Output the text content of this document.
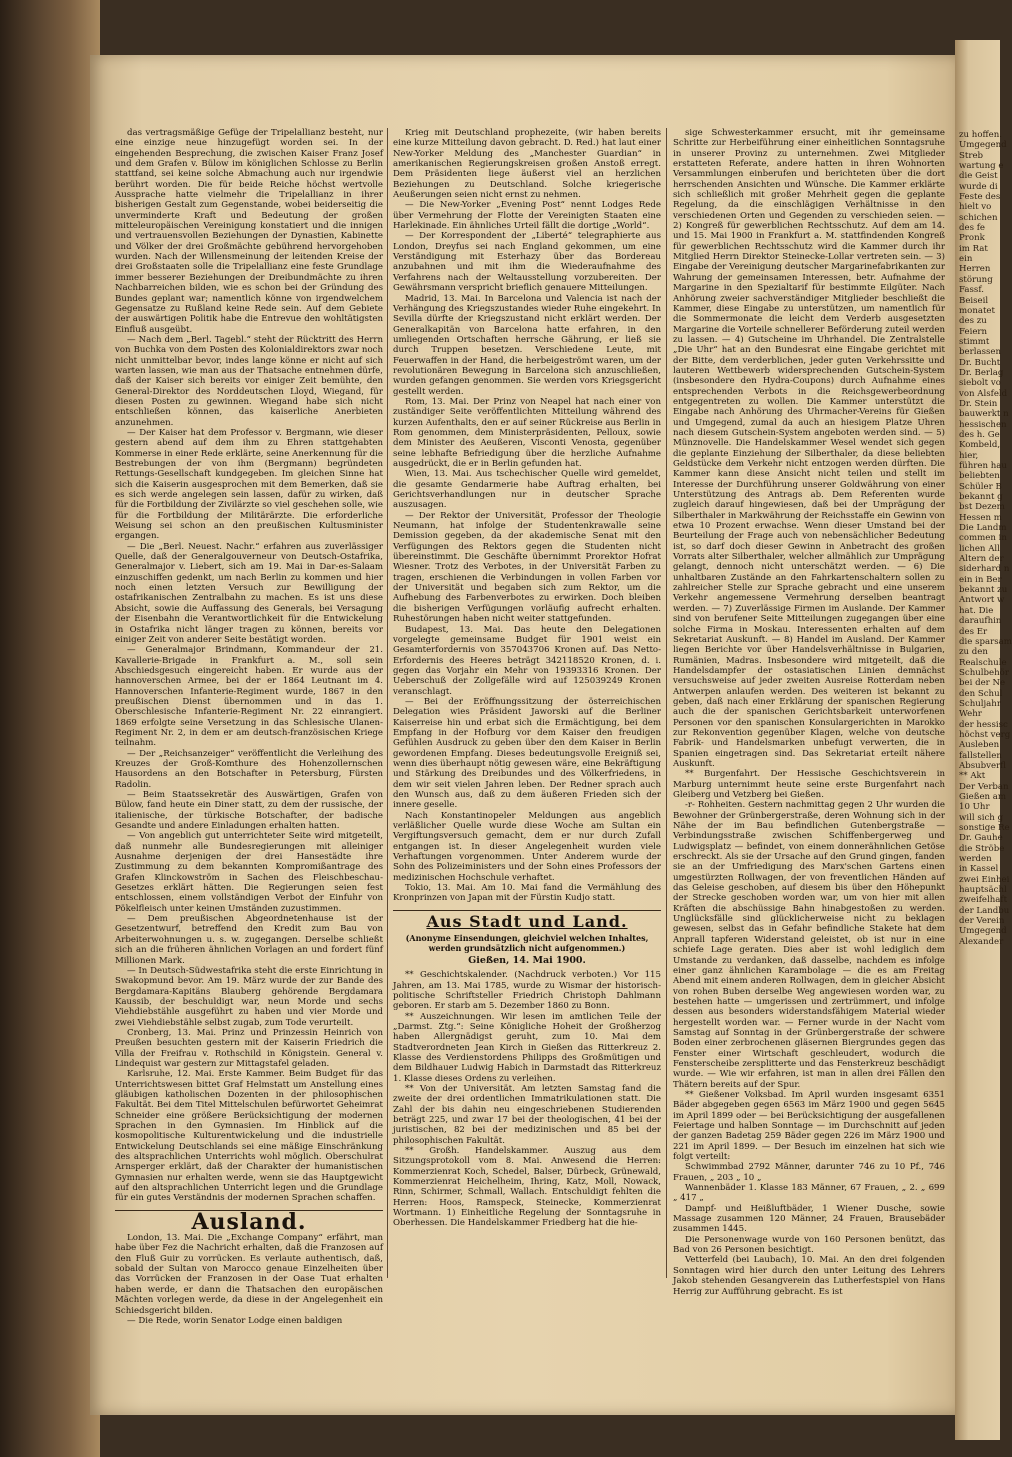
das vertragsmäßige Gefüge der Tripelallianz besteht, nur eine einzige neue hinzugefügt worden sei. In der eingehenden Besprechung, die zwischen Kaiser Franz Josef und dem Grafen v. Bülow im königlichen Schlosse zu Berlin stattfand, sei keine solche Abmachung auch nur irgendwie berührt worden. Die für beide Reiche höchst wertvolle Aussprache hatte vielmehr die Tripelallianz in ihrer bisherigen Gestalt zum Gegenstande, wobei beiderseitig die unverminderte Kraft und Bedeutung der großen mitteleuropäischen Vereinigung konstatiert und die innigen und vertrauensvollen Beziehungen der Dynastien, Kabinette und Völker der drei Großmächte gebührend hervorgehoben wurden. Nach der Willensmeinung der leitenden Kreise der drei Großstaaten solle die Tripelallianz eine feste Grundlage immer besserer Beziehungen der Dreibundmächte zu ihren Nachbarreichen bilden, wie es schon bei der Gründung des Bundes geplant war; namentlich könne von irgendwelchem Gegensatze zu Rußland keine Rede sein. Auf dem Gebiete der auswärtigen Politik habe die Entrevue den wohltätigsten Einfluß ausgeübt.

— Nach dem „Berl. Tagebl.“ steht der Rücktritt des Herrn von Buchka von dem Posten des Kolonialdirektors zwar noch nicht unmittelbar bevor, indes lange könne er nicht auf sich warten lassen, wie man aus der Thatsache entnehmen dürfe, daß der Kaiser sich bereits vor einiger Zeit bemühte, den General-Direktor des Norddeutschen Lloyd, Wiegand, für diesen Posten zu gewinnen. Wiegand habe sich nicht entschließen können, das kaiserliche Anerbieten anzunehmen.

— Der Kaiser hat dem Professor v. Bergmann, wie dieser gestern abend auf dem ihm zu Ehren stattgehabten Kommerse in einer Rede erklärte, seine Anerkennung für die Bestrebungen der von ihm (Bergmann) begründeten Rettungs-Gesellschaft kundgegeben. Im gleichen Sinne hat sich die Kaiserin ausgesprochen mit dem Bemerken, daß sie es sich werde angelegen sein lassen, dafür zu wirken, daß für die Fortbildung der Zivilärzte so viel geschehen solle, wie für die Fortbildung der Militärärzte. Die erforderliche Weisung sei schon an den preußischen Kultusminister ergangen.

— Die „Berl. Neuest. Nachr.“ erfahren aus zuverlässiger Quelle, daß der Generalgouverneur von Deutsch-Ostafrika, Generalmajor v. Liebert, sich am 19. Mai in Dar-es-Salaam einzuschiffen gedenkt, um nach Berlin zu kommen und hier noch einen letzten Versuch zur Bewilligung der ostafrikanischen Zentralbahn zu machen. Es ist uns diese Absicht, sowie die Auffassung des Generals, bei Versagung der Eisenbahn die Verantwortlichkeit für die Entwickelung in Ostafrika nicht länger tragen zu können, bereits vor einiger Zeit von anderer Seite bestätigt worden.

— Generalmajor Brindmann, Kommandeur der 21. Kavallerie-Brigade in Frankfurt a. M., soll sein Abschiedsgesuch eingereicht haben. Er wurde aus der hannoverschen Armee, bei der er 1864 Leutnant im 4. Hannoverschen Infanterie-Regiment wurde, 1867 in den preußischen Dienst übernommen und in das 1. Oberschlesische Infanterie-Regiment Nr. 22 einrangiert. 1869 erfolgte seine Versetzung in das Schlesische Ulanen-Regiment Nr. 2, in dem er am deutsch-französischen Kriege teilnahm.

— Der „Reichsanzeiger“ veröffentlicht die Verleihung des Kreuzes der Groß-Komthure des Hohenzollernschen Hausordens an den Botschafter in Petersburg, Fürsten Radolin.

— Beim Staatssekretär des Auswärtigen, Grafen von Bülow, fand heute ein Diner statt, zu dem der russische, der italienische, der türkische Botschafter, der badische Gesandte und andere Einladungen erhalten hatten.

— Von angeblich gut unterrichteter Seite wird mitgeteilt, daß nunmehr alle Bundesregierungen mit alleiniger Ausnahme derjenigen der drei Hansestädte ihre Zustimmung zu dem bekannten Kompromißantrage des Grafen Klinckowström in Sachen des Fleischbeschau-Gesetzes erklärt hätten. Die Regierungen seien fest entschlossen, einem vollständigen Verbot der Einfuhr von Pökelfleisch unter keinen Umständen zuzustimmen.

— Dem preußischen Abgeordnetenhause ist der Gesetzentwurf, betreffend den Kredit zum Bau von Arbeiterwohnungen u. s. w. zugegangen. Derselbe schließt sich an die früheren ähnlichen Vorlagen an und fordert fünf Millionen Mark.

— In Deutsch-Südwestafrika steht die erste Einrichtung in Swakopmund bevor. Am 19. März wurde der zur Bande des Bergdamara-Kapitäns Blauberg gehörende Bergdamara Kaussib, der beschuldigt war, neun Morde und sechs Viehdiebstähle ausgeführt zu haben und vier Morde und zwei Viehdiebstähle selbst zugab, zum Tode verurteilt.

Cronberg, 13. Mai. Prinz und Prinzessin Heinrich von Preußen besuchten gestern mit der Kaiserin Friedrich die Villa der Freifrau v. Rothschild in Königstein. General v. Lindequist war gestern zur Mittagstafel geladen.

Karlsruhe, 12. Mai. Erste Kammer. Beim Budget für das Unterrichtswesen bittet Graf Helmstatt um Anstellung eines gläubigen katholischen Dozenten in der philosophischen Fakultät. Bei dem Titel Mittelschulen befürwortet Geheimrat Schneider eine größere Berücksichtigung der modernen Sprachen in den Gymnasien. Im Hinblick auf die kosmopolitische Kulturentwickelung und die industrielle Entwickelung Deutschlands sei eine mäßige Einschränkung des altsprachlichen Unterrichts wohl möglich. Oberschulrat Arnsperger erklärt, daß der Charakter der humanistischen Gymnasien nur erhalten werde, wenn sie das Hauptgewicht auf den altsprachlichen Unterricht legen und die Grundlage für ein gutes Verständnis der modernen Sprachen schaffen.

Ausland.

London, 13. Mai. Die „Exchange Company“ erfährt, man habe über Fez die Nachricht erhalten, daß die Franzosen auf den Fluß Guir zu vorrücken. Es verlaute authentisch, daß, sobald der Sultan von Marocco genaue Einzelheiten über das Vorrücken der Franzosen in der Oase Tuat erhalten haben werde, er dann die Thatsachen den europäischen Mächten vorlegen werde, da diese in der Angelegenheit ein Schiedsgericht bilden.

— Die Rede, worin Senator Lodge einen baldigen

Krieg mit Deutschland prophezeite, (wir haben bereits eine kurze Mitteilung davon gebracht. D. Red.) hat laut einer New-Yorker Meldung des „Manchester Guardian“ in amerikanischen Regierungskreisen großen Anstoß erregt. Dem Präsidenten liege äußerst viel an herzlichen Beziehungen zu Deutschland. Solche kriegerische Aeußerungen seien nicht ernst zu nehmen.

— Die New-Yorker „Evening Post“ nennt Lodges Rede über Vermehrung der Flotte der Vereinigten Staaten eine Harlekinade. Ein ähnliches Urteil fällt die dortige „World“.

— Der Korrespondent der „Liberté“ telegraphierte aus London, Dreyfus sei nach England gekommen, um eine Verständigung mit Esterhazy über das Bordereau anzubahnen und mit ihm die Wiederaufnahme des Verfahrens nach der Weltausstellung vorzubereiten. Der Gewährsmann verspricht brieflich genauere Mitteilungen.

Madrid, 13. Mai. In Barcelona und Valencia ist nach der Verhängung des Kriegszustandes wieder Ruhe eingekehrt. In Sevilla dürfte der Kriegszustand nicht erklärt werden. Der Generalkapitän von Barcelona hatte erfahren, in den umliegenden Ortschaften herrsche Gährung, er ließ sie durch Truppen besetzen. Verschiedene Leute, mit Feuerwaffen in der Hand, die herbeigeströmt waren, um der revolutionären Bewegung in Barcelona sich anzuschließen, wurden gefangen genommen. Sie werden vors Kriegsgericht gestellt werden.

Rom, 13. Mai. Der Prinz von Neapel hat nach einer von zuständiger Seite veröffentlichten Mitteilung während des kurzen Aufenthalts, den er auf seiner Rückreise aus Berlin in Rom genommen, dem Ministerpräsidenten, Pelloux, sowie dem Minister des Aeußeren, Visconti Venosta, gegenüber seine lebhafte Befriedigung über die herzliche Aufnahme ausgedrückt, die er in Berlin gefunden hat.

Wien, 13. Mai. Aus tschechischer Quelle wird gemeldet, die gesamte Gendarmerie habe Auftrag erhalten, bei Gerichtsverhandlungen nur in deutscher Sprache auszusagen.

— Der Rektor der Universität, Professor der Theologie Neumann, hat infolge der Studentenkrawalle seine Demission gegeben, da der akademische Senat mit den Verfügungen des Rektors gegen die Studenten nicht übereinstimmt. Die Geschäfte übernimmt Prorektor Hofrat Wiesner. Trotz des Verbotes, in der Universität Farben zu tragen, erschienen die Verbindungen in vollen Farben vor der Universität und begaben sich zum Rektor, um die Aufhebung des Farbenverbotes zu erwirken. Doch bleiben die bisherigen Verfügungen vorläufig aufrecht erhalten. Ruhestörungen haben nicht weiter stattgefunden.

Budapest, 13. Mai. Das heute den Delegationen vorgelegte gemeinsame Budget für 1901 weist ein Gesamterfordernis von 357043706 Kronen auf. Das Netto-Erfordernis des Heeres beträgt 342118520 Kronen, d. i. gegen das Vorjahr ein Mehr von 19393316 Kronen. Der Ueberschuß der Zollgefälle wird auf 125039249 Kronen veranschlagt.

— Bei der Eröffnungssitzung der österreichischen Delegation wies Präsident Jaworski auf die Berliner Kaiserreise hin und erbat sich die Ermächtigung, bei dem Empfang in der Hofburg vor dem Kaiser den freudigen Gefühlen Ausdruck zu geben über den dem Kaiser in Berlin gewordenen Empfang. Dieses bedeutungsvolle Ereigniß sei, wenn dies überhaupt nötig gewesen wäre, eine Bekräftigung und Stärkung des Dreibundes und des Völkerfriedens, in dem wir seit vielen Jahren leben. Der Redner sprach auch den Wunsch aus, daß zu dem äußeren Frieden sich der innere geselle.

Nach Konstantinopeler Meldungen aus angeblich verläßlicher Quelle wurde diese Woche am Sultan ein Vergiftungsversuch gemacht, dem er nur durch Zufall entgangen ist. In dieser Angelegenheit wurden viele Verhaftungen vorgenommen. Unter Anderem wurde der Sohn des Polizeiministers und der Sohn eines Professors der medizinischen Hochschule verhaftet.

Tokio, 13. Mai. Am 10. Mai fand die Vermählung des Kronprinzen von Japan mit der Fürstin Kudjo statt.

Aus Stadt und Land.
(Anonyme Einsendungen, gleichviel welchen Inhaltes, werden grundsätzlich nicht aufgenommen.)
Gießen, 14. Mai 1900.

** Geschichtskalender. (Nachdruck verboten.) Vor 115 Jahren, am 13. Mai 1785, wurde zu Wismar der historisch-politische Schriftsteller Friedrich Christoph Dahlmann geboren. Er starb am 5. Dezember 1860 zu Bonn.

** Auszeichnungen. Wir lesen im amtlichen Teile der „Darmst. Ztg.“: Seine Königliche Hoheit der Großherzog haben Allergnädigst geruht, zum 10. Mai dem Stadtverordneten Jean Kirch in Gießen das Ritterkreuz 2. Klasse des Verdienstordens Philipps des Großmütigen und dem Bildhauer Ludwig Habich in Darmstadt das Ritterkreuz 1. Klasse dieses Ordens zu verleihen.

** Von der Universität. Am letzten Samstag fand die zweite der drei ordentlichen Immatrikulationen statt. Die Zahl der bis dahin neu eingeschriebenen Studierenden beträgt 225, und zwar 17 bei der theologischen, 41 bei der juristischen, 82 bei der medizinischen und 85 bei der philosophischen Fakultät.

** Großh. Handelskammer. Auszug aus dem Sitzungsprotokoll vom 8. Mai. Anwesend die Herren: Kommerzienrat Koch, Schedel, Balser, Dürbeck, Grünewald, Kommerzienrat Heichelheim, Ihring, Katz, Moll, Nowack, Rinn, Schirmer, Schmall, Wallach. Entschuldigt fehlten die Herren: Hoos, Ramspeck, Steinecke, Kommerzienrat Wortmann. 1) Einheitliche Regelung der Sonntagsruhe in Oberhessen. Die Handelskammer Friedberg hat die hie-

sige Schwesterkammer ersucht, mit ihr gemeinsame Schritte zur Herbeiführung einer einheitlichen Sonntagsruhe in unserer Provinz zu unternehmen. Zwei Mitglieder erstatteten Referate, andere hatten in ihren Wohnorten Versammlungen einberufen und berichteten über die dort herrschenden Ansichten und Wünsche. Die Kammer erklärte sich schließlich mit großer Mehrheit gegen die geplante Regelung, da die einschlägigen Verhältnisse in den verschiedenen Orten und Gegenden zu verschieden seien. — 2) Kongreß für gewerblichen Rechtsschutz. Auf dem am 14. und 15. Mai 1900 in Frankfurt a. M. stattfindenden Kongreß für gewerblichen Rechtsschutz wird die Kammer durch ihr Mitglied Herrn Direktor Steinecke-Lollar vertreten sein. — 3) Eingabe der Vereinigung deutscher Margarinefabrikanten zur Wahrung der gemeinsamen Interessen, betr. Aufnahme der Margarine in den Spezialtarif für bestimmte Eilgüter. Nach Anhörung zweier sachverständiger Mitglieder beschließt die Kammer, diese Eingabe zu unterstützen, um namentlich für die Sommermonate die leicht dem Verderb ausgesetzten Margarine die Vorteile schnellerer Beförderung zuteil werden zu lassen. — 4) Gutscheine im Uhrhandel. Die Zentralstelle „Die Uhr“ hat an den Bundesrat eine Eingabe gerichtet mit der Bitte, dem verderblichen, jeder guten Verkehrssitte und lauteren Wettbewerb widersprechenden Gutschein-System (insbesondere den Hydra-Coupons) durch Aufnahme eines entsprechenden Verbots in die Reichsgewerbeordnung entgegentreten zu wollen. Die Kammer unterstützt die Eingabe nach Anhörung des Uhrmacher-Vereins für Gießen und Umgegend, zumal da auch an hiesigem Platze Uhren nach diesem Gutschein-System angeboten werden sind. — 5) Münznovelle. Die Handelskammer Wesel wendet sich gegen die geplante Einziehung der Silberthaler, da diese beliebten Geldstücke dem Verkehr nicht entzogen werden dürften. Die Kammer kann diese Ansicht nicht teilen und stellt im Interesse der Durchführung unserer Goldwährung von einer Unterstützung des Antrags ab. Dem Referenten wurde zugleich darauf hingewiesen, daß bei der Umprägung der Silberthaler in Markwährung der Reichsstaffe ein Gewinn von etwa 10 Prozent erwachse. Wenn dieser Umstand bei der Beurteilung der Frage auch von nebensächlicher Bedeutung ist, so darf doch dieser Gewinn in Anbetracht des großen Vorrats alter Silberthaler, welcher allmählich zur Umprägung gelangt, dennoch nicht unterschätzt werden. — 6) Die unhaltbaren Zustände an den Fahrkartenschaltern sollen zu zahlreicher Stelle zur Sprache gebracht und eine unserem Verkehr angemessene Vermehrung derselben beantragt werden. — 7) Zuverlässige Firmen im Auslande. Der Kammer sind von berufener Seite Mitteilungen zugegangen über eine solche Firma in Moskau. Interessenten erhalten auf dem Sekretariat Auskunft. — 8) Handel im Ausland. Der Kammer liegen Berichte vor über Handelsverhältnisse in Bulgarien, Rumänien, Madras. Insbesondere wird mitgeteilt, daß die Handelsdampfer der ostasiatischen Linien demnächst versuchsweise auf jeder zweiten Ausreise Rotterdam neben Antwerpen anlaufen werden. Des weiteren ist bekannt zu geben, daß nach einer Erklärung der spanischen Regierung auch die der spanischen Gerichtsbarkeit unterworfenen Personen vor den spanischen Konsulargerichten in Marokko zur Rekonvention gegenüber Klagen, welche von deutsche Fabrik- und Handelsmarken unbefugt verwerten, die in Spanien eingetragen sind. Das Sekretariat erteilt nähere Auskunft.

** Burgenfahrt. Der Hessische Geschichtsverein in Marburg unternimmt heute seine erste Burgenfahrt nach Gleiberg und Vetzberg bei Gießen.

-r- Rohheiten. Gestern nachmittag gegen 2 Uhr wurden die Bewohner der Grünbergerstraße, deren Wohnung sich in der Nähe der im Bau befindlichen Gutenbergstraße — Verbindungsstraße zwischen Schiffenbergerweg und Ludwigsplatz — befindet, von einem donnerähnlichen Getöse erschreckt. Als sie der Ursache auf den Grund gingen, fanden sie an der Umfriedigung des Marx'schen Gartens einen umgestürzten Rollwagen, der von freventlichen Händen auf das Geleise geschoben, auf diesem bis über den Höhepunkt der Strecke geschoben worden war, um von hier mit allen Kräften die abschüssige Bahn hinabgestoßen zu werden. Unglücksfälle sind glücklicherweise nicht zu beklagen gewesen, selbst das in Gefahr befindliche Stakete hat dem Anprall tapferen Widerstand geleistet, ob ist nur in eine schiefe Lage geraten. Dies aber ist wohl lediglich dem Umstande zu verdanken, daß dasselbe, nachdem es infolge einer ganz ähnlichen Karambolage — die es am Freitag Abend mit einem anderen Rollwagen, dem in gleicher Absicht von rohen Buben derselbe Weg angewiesen worden war, zu bestehen hatte — umgerissen und zertrümmert, und infolge dessen aus besonders widerstandsfähigem Material wieder hergestellt worden war. — Ferner wurde in der Nacht vom Samstag auf Sonntag in der Grünbergerstraße der schwere Boden einer zerbrochenen gläsernen Biergrundes gegen das Fenster einer Wirtschaft geschleudert, wodurch die Fensterscheibe zersplitterte und das Fensterkreuz beschädigt wurde. — Wie wir erfahren, ist man in allen drei Fällen den Thätern bereits auf der Spur.

** Gießener Volksbad. Im April wurden insgesamt 6351 Bäder abgegeben gegen 6563 im März 1900 und gegen 5645 im April 1899 oder — bei Berücksichtigung der ausgefallenen Feiertage und halben Sonntage — im Durchschnitt auf jeden der ganzen Badetag 259 Bäder gegen 226 im März 1900 und 221 im April 1899. — Der Besuch im einzelnen hat sich wie folgt verteilt:

Schwimmbad 2792 Männer, darunter 746 zu 10 Pf., 746 Frauen, „ 203 „ 10 „

Wannenbäder 1. Klasse 183 Männer, 67 Frauen, „ 2. „ 699 „ 417 „

Dampf- und Heißluftbäder, 1 Wiener Dusche, sowie Massage zusammen 120 Männer, 24 Frauen, Brausebäder zusammen 1445.

Die Personenwage wurde von 160 Personen benützt, das Bad von 26 Personen besichtigt.

Vetterfeld (bei Laubach), 10. Mai. An den drei folgenden Sonntagen wird hier durch den unter Leitung des Lehrers Jakob stehenden Gesangverein das Lutherfestspiel von Hans Herrig zur Aufführung gebracht. Es ist

zu hoffen.
Umgegend
Streb
wartung e
die Geist
wurde di
Feste des
hielt vo
schichen
des fe
Pronk
im Rat
ein
Herren
störung
Fassf.
Beiseil
monatet
des zu
Feiern
stimmt
berlassen
Dr. Bucht
Dr. Berlag
siebolt vo
von Alsfeld
Dr. Stein
bauwerkt n
hessischen
des h. Ge
Kombeld,
hier,
führen hau
beliebten
Schüler B
bekannt g
bst Dezem
Hessen m
Die Landm
commen in
lichen All
Altern der
siderhard n
ein in Ber
bekannt zu
Antwort w
hat. Die
daraufhin
des Er
die sparsam
zu den
Realschule
Schulbehör
bei der Ne
den Schul
Schuljahr
Wehr
der hessisc
höchst verg
Ausleben
fallstellen
Absubverfl
** Akt
Der Verban
Gießen am
10 Uhr
will sich g
sonstige Re
Dr. Gauhe
die Ströbe
werden
in Kassel
zwei Einhei
hauptsächl
zweifelhaft
der Landbu
der Verein
Umgegend
Alexander
